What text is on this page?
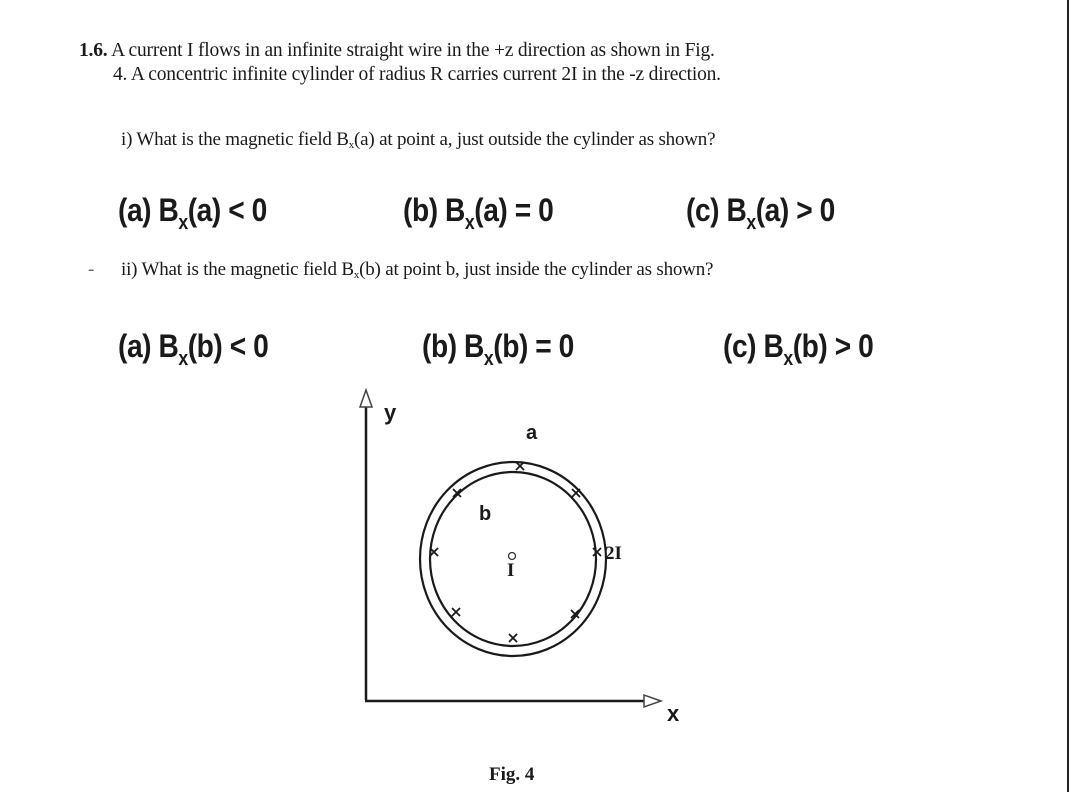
1.6. A current I flows in an infinite straight wire in the +z direction as shown in Fig.
4. A concentric infinite cylinder of radius R carries current 2I in the -z direction.
i) What is the magnetic field $B_x(a)$ at point a, just outside the cylinder as shown?
(a) $B_x(a) < 0$	(b) $B_x(a) = 0$	(c) $B_x(a) > 0$
- ii) What is the magnetic field $B_x(b)$ at point b, just inside the cylinder as shown?
(a) $B_x(b) < 0$	(b) $B_x(b) = 0$	(c) $B_x(b) > 0$
y
x
a
b
I
2I
Fig. 4
